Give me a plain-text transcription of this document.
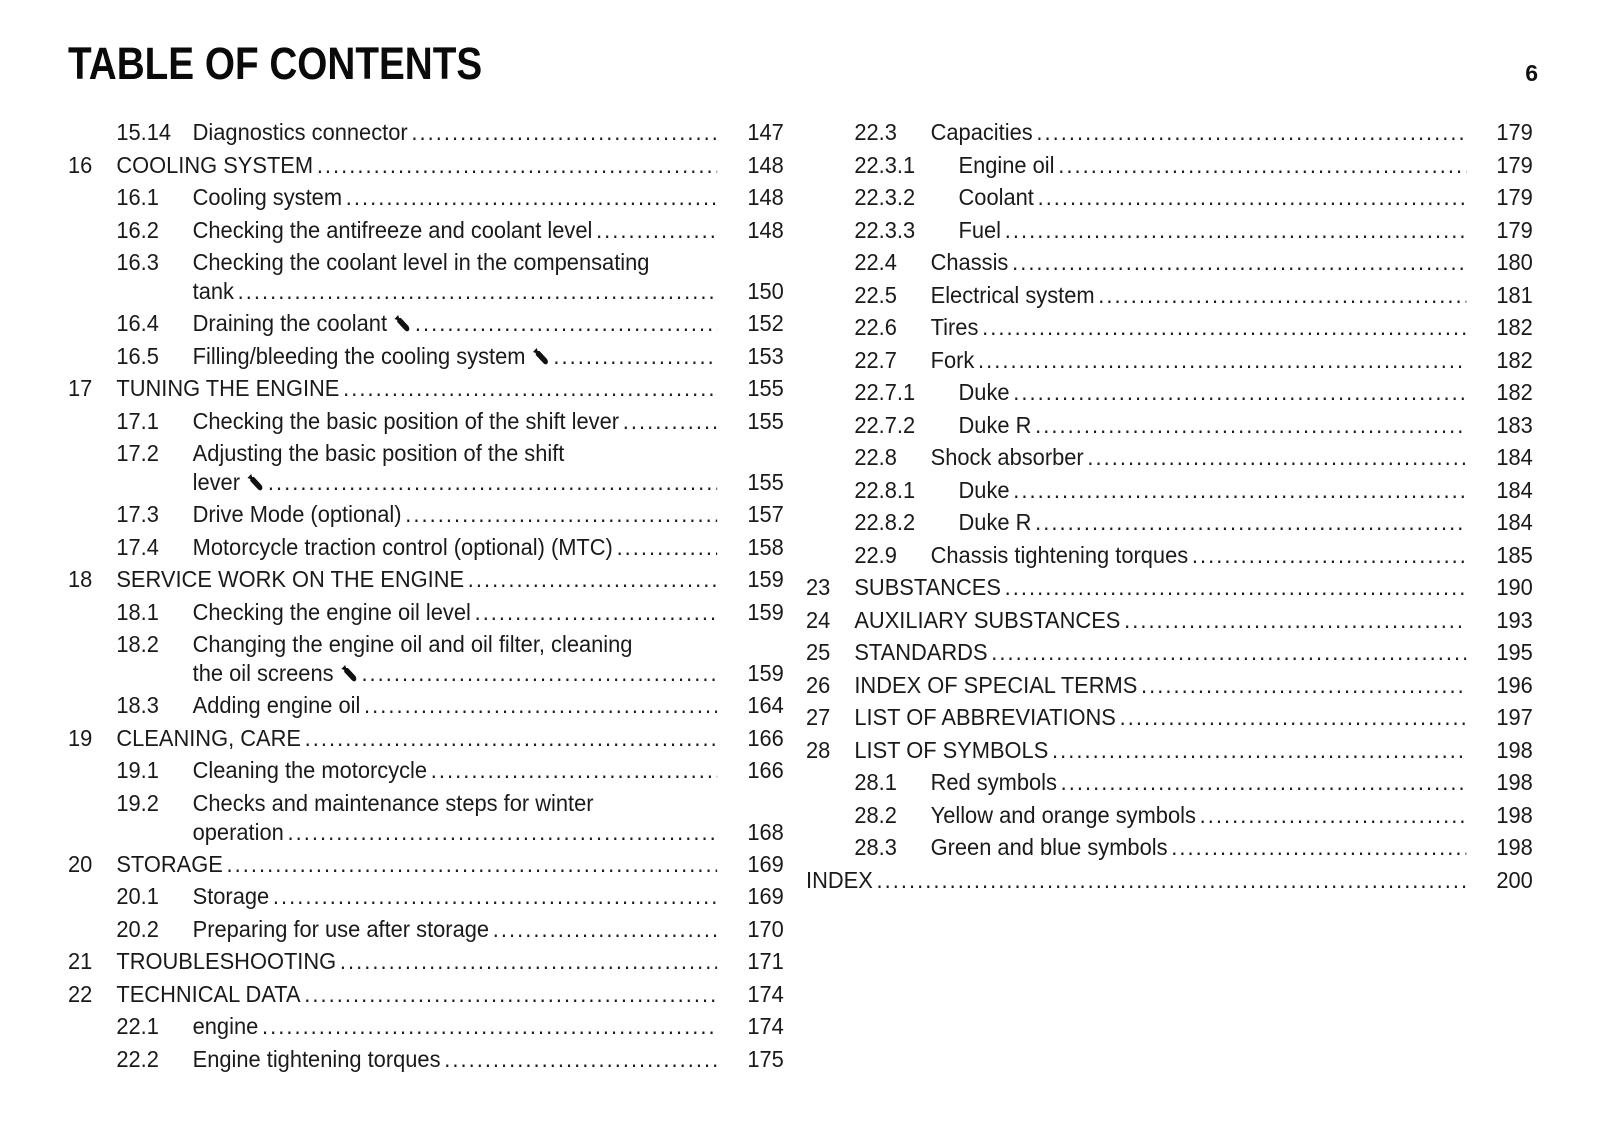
TABLE OF CONTENTS	6
15.14 Diagnostics connector .....	147
16 COOLING SYSTEM .....	148
16.1 Cooling system .....	148
16.2 Checking the antifreeze and coolant level .....	148
16.3 Checking the coolant level in the compensating
tank .....	150
16.4 Draining the coolant .....	152
16.5 Filling/bleeding the cooling system .....	153
17 TUNING THE ENGINE .....	155
17.1 Checking the basic position of the shift lever .....	155
17.2 Adjusting the basic position of the shift
lever .....	155
17.3 Drive Mode (optional) .....	157
17.4 Motorcycle traction control (optional) (MTC) .....	158
18 SERVICE WORK ON THE ENGINE .....	159
18.1 Checking the engine oil level .....	159
18.2 Changing the engine oil and oil filter, cleaning
the oil screens .....	159
18.3 Adding engine oil .....	164
19 CLEANING, CARE .....	166
19.1 Cleaning the motorcycle .....	166
19.2 Checks and maintenance steps for winter
operation .....	168
20 STORAGE .....	169
20.1 Storage .....	169
20.2 Preparing for use after storage .....	170
21 TROUBLESHOOTING .....	171
22 TECHNICAL DATA .....	174
22.1 engine .....	174
22.2 Engine tightening torques .....	175
22.3 Capacities .....	179
22.3.1 Engine oil .....	179
22.3.2 Coolant .....	179
22.3.3 Fuel .....	179
22.4 Chassis .....	180
22.5 Electrical system .....	181
22.6 Tires .....	182
22.7 Fork .....	182
22.7.1 Duke .....	182
22.7.2 Duke R .....	183
22.8 Shock absorber .....	184
22.8.1 Duke .....	184
22.8.2 Duke R .....	184
22.9 Chassis tightening torques .....	185
23 SUBSTANCES .....	190
24 AUXILIARY SUBSTANCES .....	193
25 STANDARDS .....	195
26 INDEX OF SPECIAL TERMS .....	196
27 LIST OF ABBREVIATIONS .....	197
28 LIST OF SYMBOLS .....	198
28.1 Red symbols .....	198
28.2 Yellow and orange symbols .....	198
28.3 Green and blue symbols .....	198
INDEX .....	200
